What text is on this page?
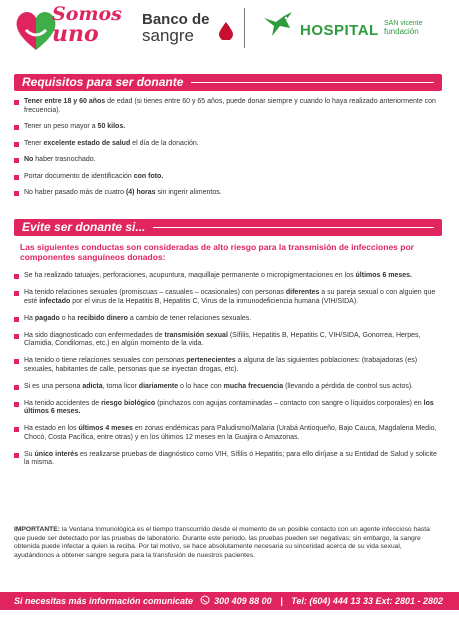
Somos
uno
Banco de
sangre	HOSPITAL SAN vicente
fundación
Requisitos para ser donante
Tener entre 18 y 60 años de edad (si tienes entre 60 y 65 años, puede donar siempre y cuando lo haya realizado anteriormente con frecuencia).
Tener un peso mayor a 50 kilos.
Tener excelente estado de salud el día de la donación.
No haber trasnochado.
Portar documento de identificación con foto.
No haber pasado más de cuatro (4) horas sin ingerir alimentos.
Evite ser donante si...
Las siguientes conductas son consideradas de alto riesgo para la transmisión de infecciones por componentes sanguíneos donados:
Se ha realizado tatuajes, perforaciones, acupuntura, maquillaje permanente o micropigmentaciones en los últimos 6 meses.
Ha tenido relaciones sexuales (promiscuas – casuales – ocasionales) con personas diferentes a su pareja sexual o con alguien que esté infectado por el virus de la Hepatitis B, Hepatitis C, Virus de la inmunodeficiencia humana (VIH/SIDA).
Ha pagado o ha recibido dinero a cambio de tener relaciones sexuales.
Ha sido diagnosticado con enfermedades de transmisión sexual (Sífilis, Hepatitis B, Hepatitis C, VIH/SIDA, Gonorrea, Herpes, Clamidia, Condilomas, etc.) en algún momento de la vida.
Ha tenido o tiene relaciones sexuales con personas pertenecientes a alguna de las siguientes poblaciones: (trabajadoras (es) sexuales, habitantes de calle, personas que se inyectan drogas, etc).
Si es una persona adicta, toma licor diariamente o lo hace con mucha frecuencia (llevando a pérdida de control sus actos).
Ha tenido accidentes de riesgo biológico (pinchazos con agujas contaminadas – contacto con sangre o líquidos corporales) en los últimos 6 meses.
Ha estado en los últimos 4 meses en zonas endémicas para Paludismo/Malaria (Urabá Antioqueño, Bajo Cauca, Magdalena Medio, Chocó, Costa Pacífica, entre otras) y en los últimos 12 meses en la Guajira o Amazonas.
Su único interés es realizarse pruebas de diagnóstico como VIH, Sífilis ó Hepatitis; para ello diríjase a su Entidad de Salud y solicite la misma.
IMPORTANTE: la Ventana Inmunológica es el tiempo transcurrido desde el momento de un posible contacto con un agente infeccioso hasta que puede ser detectado por las pruebas de laboratorio. Durante este periodo, las pruebas pueden ser negativas; sin embargo, la sangre obtenida puede infectar a quien la reciba. Por tal motivo, se hace absolutamente necesaria su sinceridad acerca de su vida sexual, ayudándonos a obtener sangre segura para la transfusión de nuestros pacientes.
Si necesitas más información comunicate 300 409 88 00 | Tel: (604) 444 13 33 Ext: 2801 - 2802
